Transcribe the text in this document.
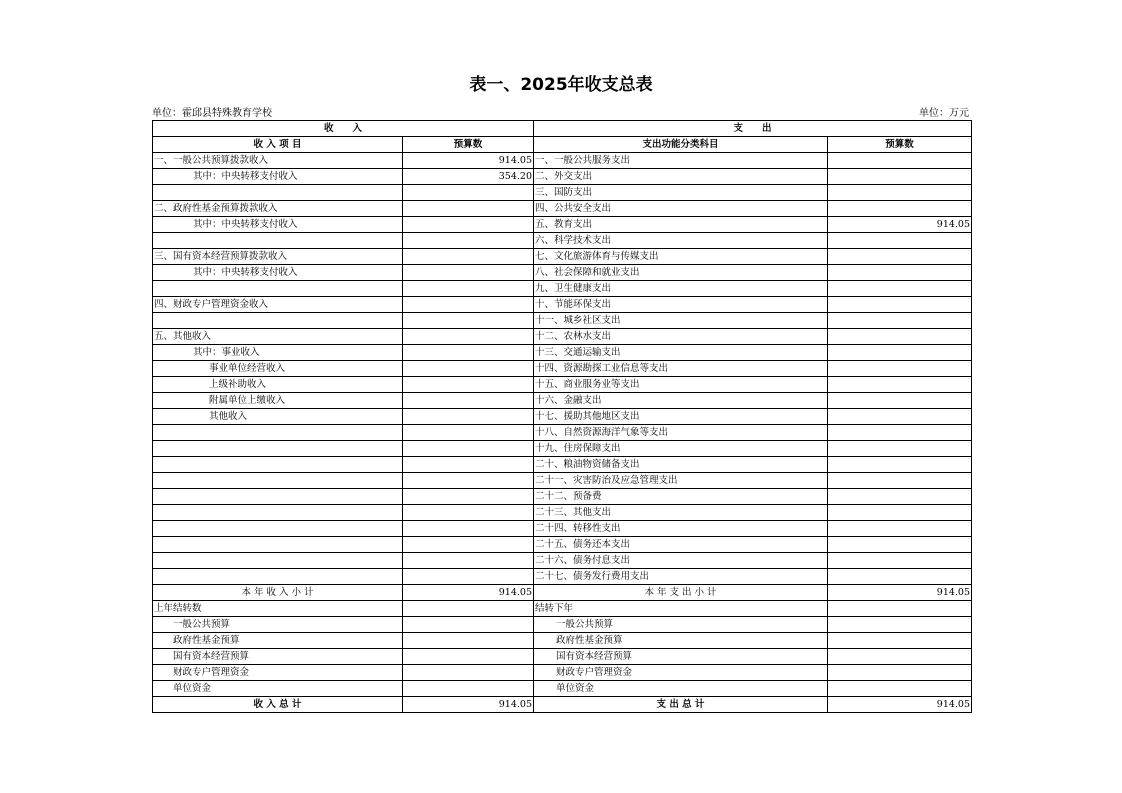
表一、2025年收支总表
单位：霍邱县特殊教育学校	单位：万元
收　　入		支　　出	
收 入 项 目	预算数	支出功能分类科目	预算数
一、一般公共预算拨款收入	914.05	一、一般公共服务支出	
其中：中央转移支付收入	354.20	二、外交支出	
		三、国防支出	
二、政府性基金预算拨款收入		四、公共安全支出	
其中：中央转移支付收入		五、教育支出	914.05
		六、科学技术支出	
三、国有资本经营预算拨款收入		七、文化旅游体育与传媒支出	
其中：中央转移支付收入		八、社会保障和就业支出	
		九、卫生健康支出	
四、财政专户管理资金收入		十、节能环保支出	
		十一、城乡社区支出	
五、其他收入		十二、农林水支出	
其中：事业收入		十三、交通运输支出	
事业单位经营收入		十四、资源勘探工业信息等支出	
上级补助收入		十五、商业服务业等支出	
附属单位上缴收入		十六、金融支出	
其他收入		十七、援助其他地区支出	
		十八、自然资源海洋气象等支出	
		十九、住房保障支出	
		二十、粮油物资储备支出	
		二十一、灾害防治及应急管理支出	
		二十二、预备费	
		二十三、其他支出	
		二十四、转移性支出	
		二十五、债务还本支出	
		二十六、债务付息支出	
		二十七、债务发行费用支出	
本 年 收 入 小 计	914.05	本 年 支 出 小 计	914.05
上年结转数		结转下年	
一般公共预算		一般公共预算	
政府性基金预算		政府性基金预算	
国有资本经营预算		国有资本经营预算	
财政专户管理资金		财政专户管理资金	
单位资金		单位资金	
收 入 总 计	914.05	支 出 总 计	914.05
